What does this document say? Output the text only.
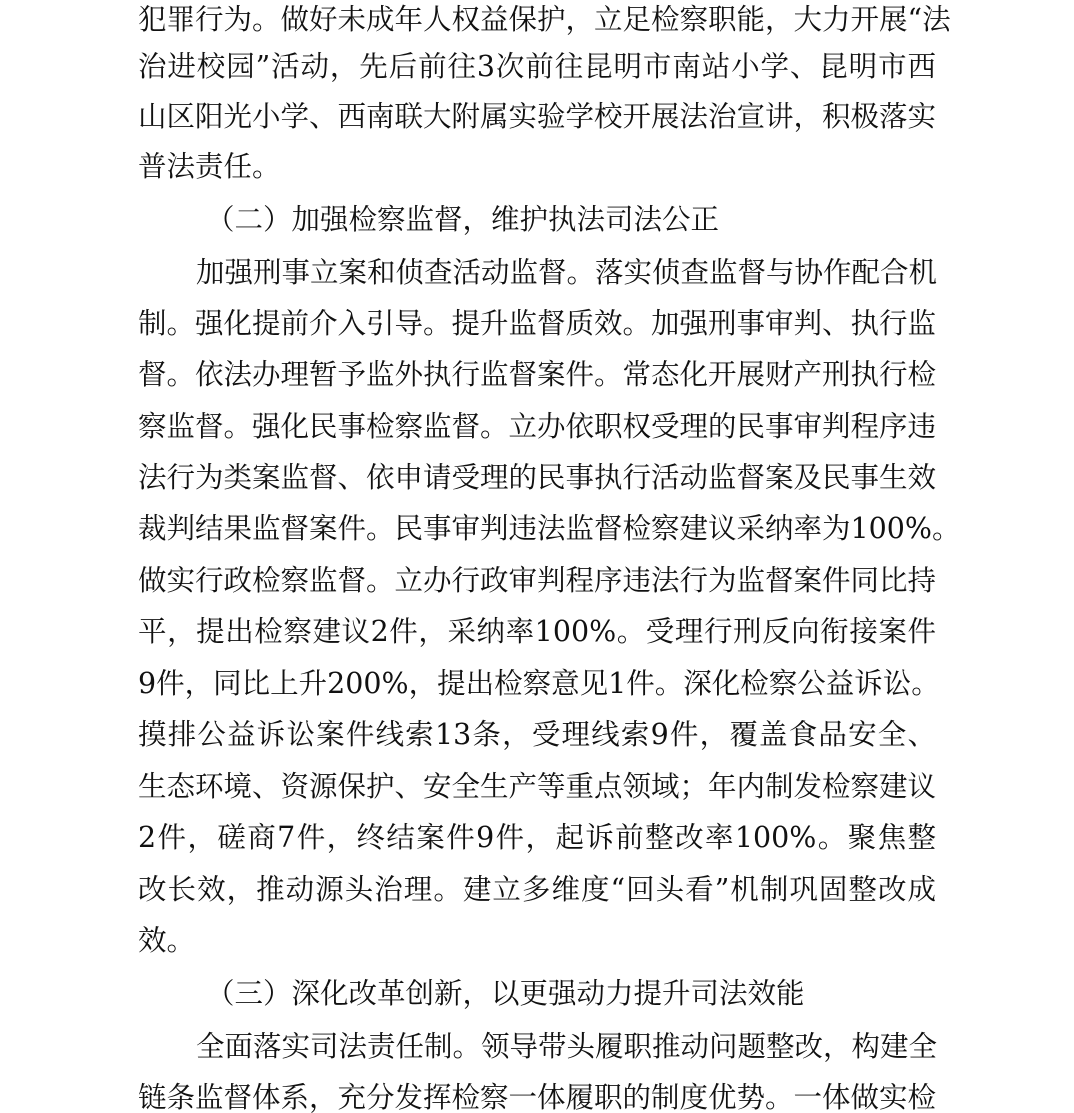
犯罪行为。做好未成年人权益保护，立足检察职能，大力开展“法
治进校园”活动，先后前往3次前往昆明市南站小学、昆明市西
山区阳光小学、西南联大附属实验学校开展法治宣讲，积极落实
普法责任。
（二）加强检察监督，维护执法司法公正
加强刑事立案和侦查活动监督。落实侦查监督与协作配合机
制。强化提前介入引导。提升监督质效。加强刑事审判、执行监
督。依法办理暂予监外执行监督案件。常态化开展财产刑执行检
察监督。强化民事检察监督。立办依职权受理的民事审判程序违
法行为类案监督、依申请受理的民事执行活动监督案及民事生效
裁判结果监督案件。民事审判违法监督检察建议采纳率为100%。
做实行政检察监督。立办行政审判程序违法行为监督案件同比持
平，提出检察建议2件，采纳率100%。受理行刑反向衔接案件
9件，同比上升200%，提出检察意见1件。深化检察公益诉讼。
摸排公益诉讼案件线索13条，受理线索9件，覆盖食品安全、
生态环境、资源保护、安全生产等重点领域；年内制发检察建议
2件，磋商7件，终结案件9件，起诉前整改率100%。聚焦整
改长效，推动源头治理。建立多维度“回头看”机制巩固整改成
效。
（三）深化改革创新，以更强动力提升司法效能
全面落实司法责任制。领导带头履职推动问题整改，构建全
链条监督体系，充分发挥检察一体履职的制度优势。一体做实检
